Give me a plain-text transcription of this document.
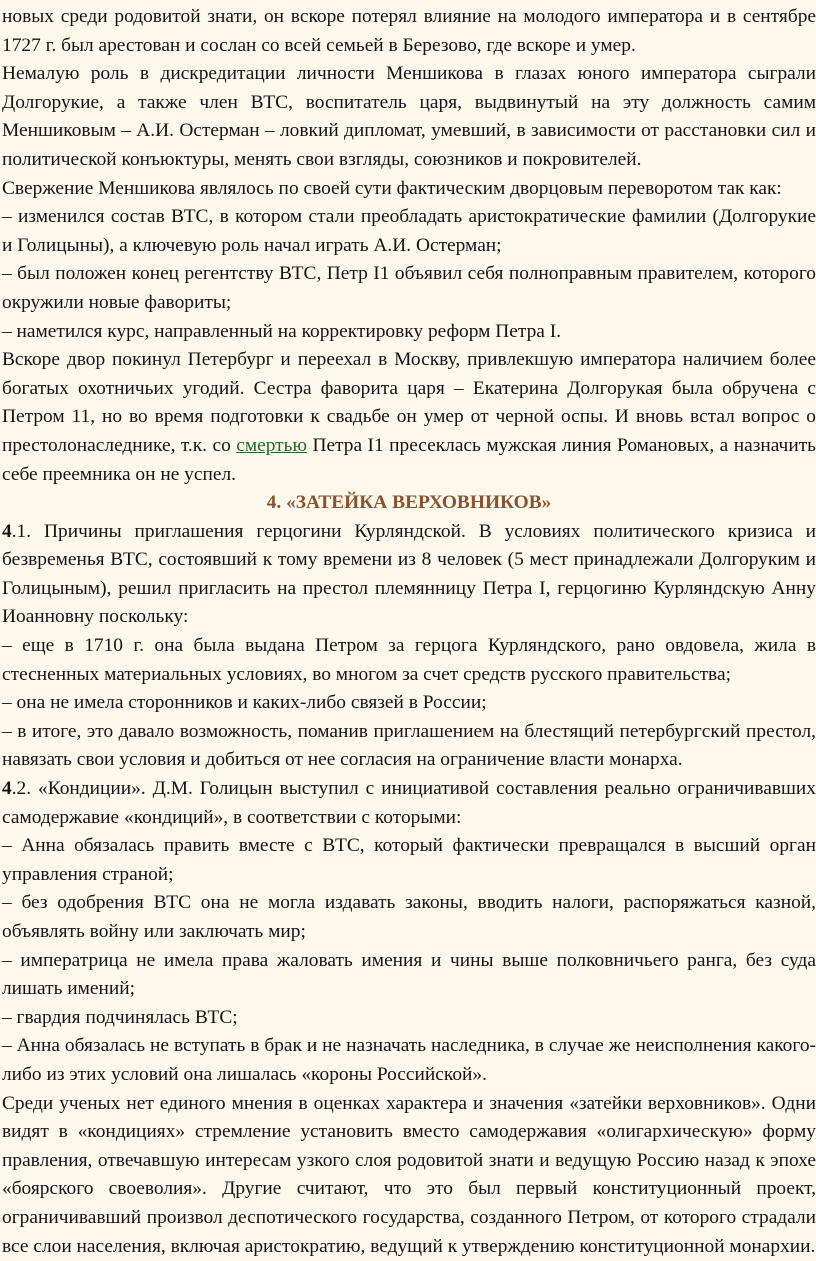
новых среди родовитой знати, он вскоре потерял влияние на молодого императора и в сентябре 1727 г. был арестован и сослан со всей семьей в Березово, где вскоре и умер.

Немалую роль в дискредитации личности Меншикова в глазах юного императора сыграли Долгорукие, а также член ВТС, воспитатель царя, выдвинутый на эту должность самим Меншиковым – А.И. Остерман – ловкий дипломат, умевший, в зависимости от расстановки сил и политической конъюктуры, менять свои взгляды, союзников и покровителей.

Свержение Меншикова являлось по своей сути фактическим дворцовым переворотом так как:

– изменился состав ВТС, в котором стали преобладать аристократические фамилии (Долгорукие и Голицыны), а ключевую роль начал играть А.И. Остерман;

– был положен конец регентству ВТС, Петр I1 объявил себя полноправным правителем, которого окружили новые фавориты;

– наметился курс, направленный на корректировку реформ Петра I.

Вскоре двор покинул Петербург и переехал в Москву, привлекшую императора наличием более богатых охотничьих угодий. Сестра фаворита царя – Екатерина Долгорукая была обручена с Петром 11, но во время подготовки к свадьбе он умер от черной оспы. И вновь встал вопрос о престолонаследнике, т.к. со смертью Петра I1 пресеклась мужская линия Романовых, а назначить себе преемника он не успел.

4. «ЗАТЕЙКА ВЕРХОВНИКОВ»

4.1. Причины приглашения герцогини Курляндской. В условиях политического кризиса и безвременья ВТС, состоявший к тому времени из 8 человек (5 мест принадлежали Долгоруким и Голицыным), решил пригласить на престол племянницу Петра I, герцогиню Курляндскую Анну Иоанновну поскольку:

– еще в 1710 г. она была выдана Петром за герцога Курляндского, рано овдовела, жила в стесненных материальных условиях, во многом за счет средств русского правительства;

– она не имела сторонников и каких-либо связей в России;

– в итоге, это давало возможность, поманив приглашением на блестящий петербургский престол, навязать свои условия и добиться от нее согласия на ограничение власти монарха.

4.2. «Кондиции». Д.М. Голицын выступил с инициативой составления реально ограничивавших самодержавие «кондиций», в соответствии с которыми:

– Анна обязалась править вместе с ВТС, который фактически превращался в высший орган управления страной;

– без одобрения ВТС она не могла издавать законы, вводить налоги, распоряжаться казной, объявлять войну или заключать мир;

– императрица не имела права жаловать имения и чины выше полковничьего ранга, без суда лишать имений;

– гвардия подчинялась ВТС;

– Анна обязалась не вступать в брак и не назначать наследника, в случае же неисполнения какого-либо из этих условий она лишалась «короны Российской».

Среди ученых нет единого мнения в оценках характера и значения «затейки верховников». Одни видят в «кондициях» стремление установить вместо самодержавия «олигархическую» форму правления, отвечавшую интересам узкого слоя родовитой знати и ведущую Россию назад к эпохе «боярского своеволия». Другие считают, что это был первый конституционный проект, ограничивавший произвол деспотического государства, созданного Петром, от которого страдали все слои населения, включая аристократию, ведущий к утверждению конституционной монархии.
